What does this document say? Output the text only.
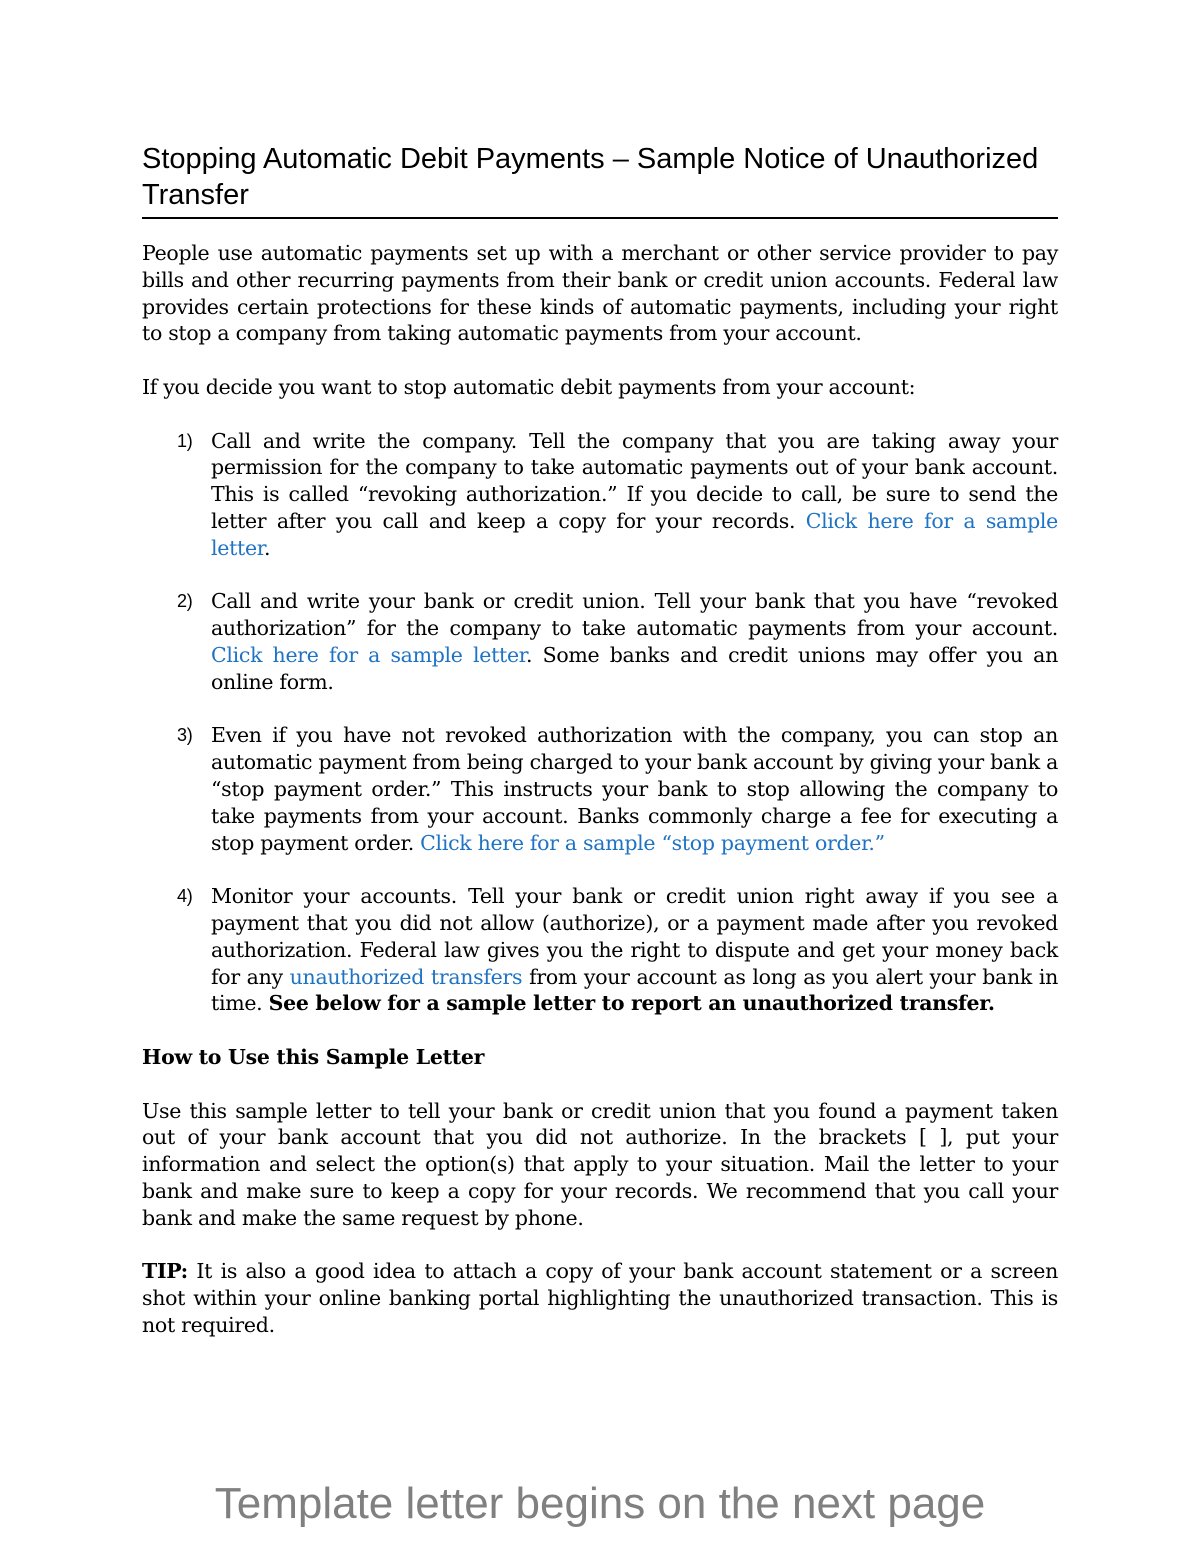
Stopping Automatic Debit Payments – Sample Notice of Unauthorized Transfer

People use automatic payments set up with a merchant or other service provider to pay bills and other recurring payments from their bank or credit union accounts. Federal law provides certain protections for these kinds of automatic payments, including your right to stop a company from taking automatic payments from your account.

If you decide you want to stop automatic debit payments from your account:

1) Call and write the company. Tell the company that you are taking away your permission for the company to take automatic payments out of your bank account. This is called “revoking authorization.” If you decide to call, be sure to send the letter after you call and keep a copy for your records. Click here for a sample letter.
2) Call and write your bank or credit union. Tell your bank that you have “revoked authorization” for the company to take automatic payments from your account. Click here for a sample letter. Some banks and credit unions may offer you an online form.
3) Even if you have not revoked authorization with the company, you can stop an automatic payment from being charged to your bank account by giving your bank a “stop payment order.” This instructs your bank to stop allowing the company to take payments from your account. Banks commonly charge a fee for executing a stop payment order. Click here for a sample “stop payment order.”
4) Monitor your accounts. Tell your bank or credit union right away if you see a payment that you did not allow (authorize), or a payment made after you revoked authorization. Federal law gives you the right to dispute and get your money back for any unauthorized transfers from your account as long as you alert your bank in time. See below for a sample letter to report an unauthorized transfer.
How to Use this Sample Letter

Use this sample letter to tell your bank or credit union that you found a payment taken out of your bank account that you did not authorize. In the brackets [ ], put your information and select the option(s) that apply to your situation. Mail the letter to your bank and make sure to keep a copy for your records. We recommend that you call your bank and make the same request by phone.

TIP: It is also a good idea to attach a copy of your bank account statement or a screen shot within your online banking portal highlighting the unauthorized transaction. This is not required.

Template letter begins on the next page
